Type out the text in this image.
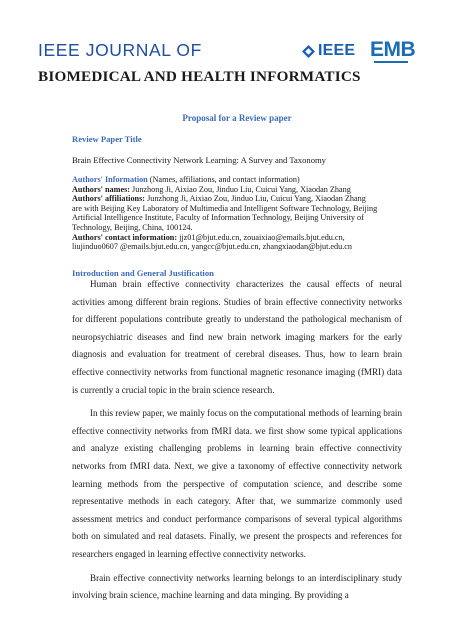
IEEE JOURNAL OF
BIOMEDICAL AND HEALTH INFORMATICS
IEEE EMB
Proposal for a Review paper
Review Paper Title
Brain Effective Connectivity Network Learning: A Survey and Taxonomy
Authors' Information (Names, affiliations, and contact information)
Authors' names: Junzhong Ji, Aixiao Zou, Jinduo Liu, Cuicui Yang, Xiaodan Zhang
Authors' affiliations: Junzhong Ji, Aixiao Zou, Jinduo Liu, Cuicui Yang, Xiaodan Zhang
are with Beijing Key Laboratory of Multimedia and Intelligent Software Technology, Beijing
Artificial Intelligence Institute, Faculty of Information Technology, Beijing University of
Technology, Beijing, China, 100124.
Authors' contact information: jjz01@bjut.edu.cn, zouaixiao@emails.bjut.edu.cn,
liujinduo0607 @emails.bjut.edu.cn, yangcc@bjut.edu.cn, zhangxiaodan@bjut.edu.cn
Introduction and General Justification

Human brain effective connectivity characterizes the causal effects of neural activities among different brain regions. Studies of brain effective connectivity networks for different populations contribute greatly to understand the pathological mechanism of neuropsychiatric diseases and find new brain network imaging markers for the early diagnosis and evaluation for treatment of cerebral diseases. Thus, how to learn brain effective connectivity networks from functional magnetic resonance imaging (fMRI) data is currently a crucial topic in the brain science research.

In this review paper, we mainly focus on the computational methods of learning brain effective connectivity networks from fMRI data. we first show some typical applications and analyze existing challenging problems in learning brain effective connectivity networks from fMRI data. Next, we give a taxonomy of effective connectivity network learning methods from the perspective of computation science, and describe some representative methods in each category. After that, we summarize commonly used assessment metrics and conduct performance comparisons of several typical algorithms both on simulated and real datasets. Finally, we present the prospects and references for researchers engaged in learning effective connectivity networks.

Brain effective connectivity networks learning belongs to an interdisciplinary study involving brain science, machine learning and data minging. By providing a
